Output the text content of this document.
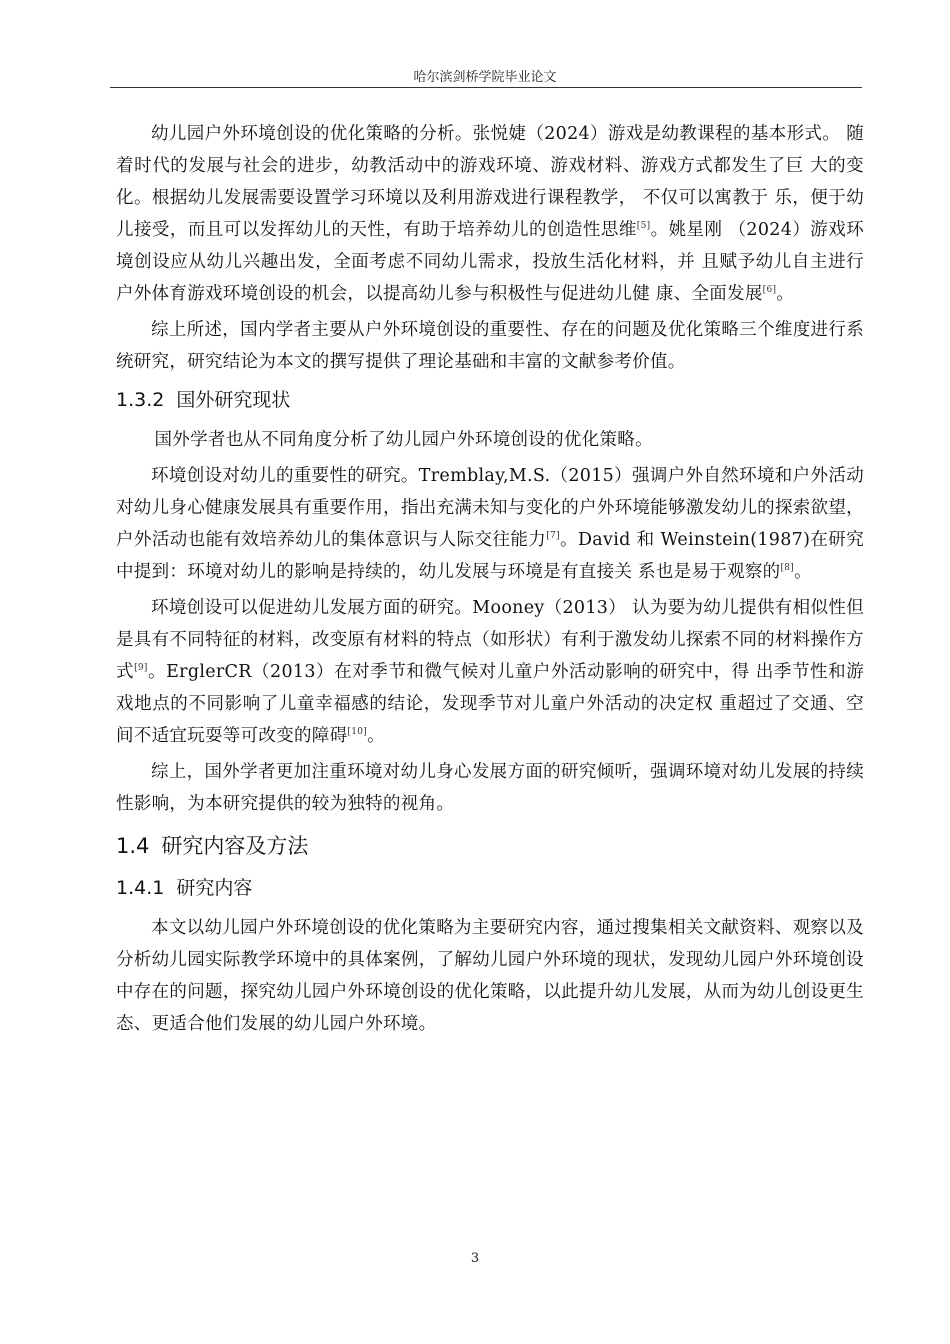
哈尔滨剑桥学院毕业论文

幼儿园户外环境创设的优化策略的分析。张悦婕（2024）游戏是幼教课程的基本形式。 随着时代的发展与社会的进步，幼教活动中的游戏环境、游戏材料、游戏方式都发生了巨 大的变化。根据幼儿发展需要设置学习环境以及利用游戏进行课程教学， 不仅可以寓教于 乐，便于幼儿接受，而且可以发挥幼儿的天性，有助于培养幼儿的创造性思维[5]。姚星刚 （2024）游戏环境创设应从幼儿兴趣出发，全面考虑不同幼儿需求，投放生活化材料，并 且赋予幼儿自主进行户外体育游戏环境创设的机会，以提高幼儿参与积极性与促进幼儿健 康、全面发展[6]。

综上所述，国内学者主要从户外环境创设的重要性、存在的问题及优化策略三个维度进行系统研究，研究结论为本文的撰写提供了理论基础和丰富的文献参考价值。

1.3.2 国外研究现状

国外学者也从不同角度分析了幼儿园户外环境创设的优化策略。

环境创设对幼儿的重要性的研究。Tremblay,M.S.（2015）强调户外自然环境和户外活动对幼儿身心健康发展具有重要作用，指出充满未知与变化的户外环境能够激发幼儿的探索欲望，户外活动也能有效培养幼儿的集体意识与人际交往能力[7]。David 和 Weinstein(1987)在研究中提到：环境对幼儿的影响是持续的，幼儿发展与环境是有直接关 系也是易于观察的[8]。

环境创设可以促进幼儿发展方面的研究。Mooney（2013） 认为要为幼儿提供有相似性但是具有不同特征的材料，改变原有材料的特点（如形状）有利于激发幼儿探索不同的材料操作方式[9]。ErglerCR（2013）在对季节和微气候对儿童户外活动影响的研究中，得 出季节性和游戏地点的不同影响了儿童幸福感的结论，发现季节对儿童户外活动的决定权 重超过了交通、空间不适宜玩耍等可改变的障碍[10]。

综上，国外学者更加注重环境对幼儿身心发展方面的研究倾听，强调环境对幼儿发展的持续性影响，为本研究提供的较为独特的视角。

1.4 研究内容及方法
1.4.1 研究内容

本文以幼儿园户外环境创设的优化策略为主要研究内容，通过搜集相关文献资料、观察以及分析幼儿园实际教学环境中的具体案例，了解幼儿园户外环境的现状，发现幼儿园户外环境创设中存在的问题，探究幼儿园户外环境创设的优化策略，以此提升幼儿发展，从而为幼儿创设更生态、更适合他们发展的幼儿园户外环境。

3
